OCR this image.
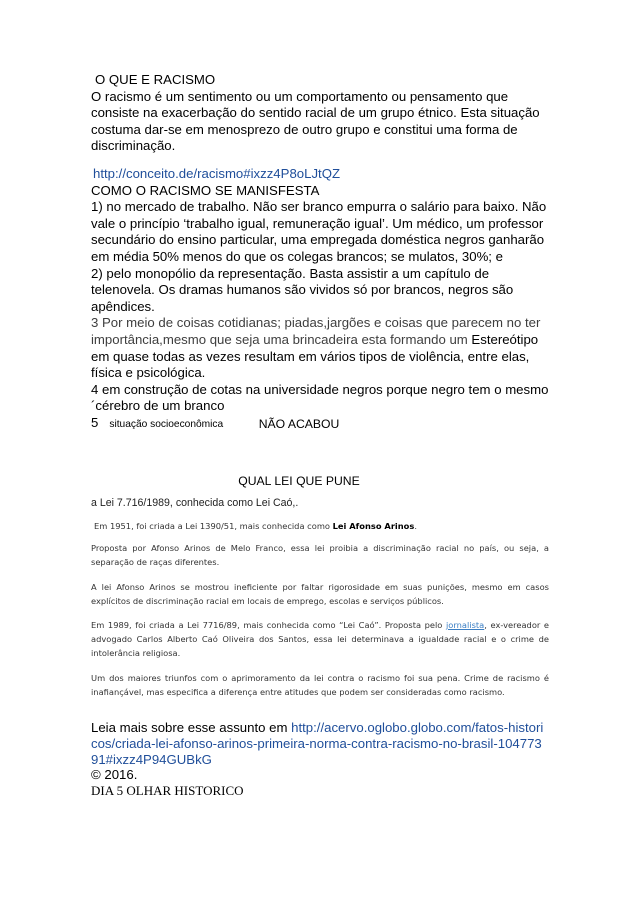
O QUE E RACISMO

O racismo é um sentimento ou um comportamento ou pensamento que consiste na exacerbação do sentido racial de um grupo étnico. Esta situação costuma dar-se em menosprezo de outro grupo e constitui uma forma de discriminação.

http://conceito.de/racismo#ixzz4P8oLJtQZ

COMO O RACISMO SE MANISFESTA

1) no mercado de trabalho. Não ser branco empurra o salário para baixo. Não vale o princípio ‘trabalho igual, remuneração igual’. Um médico, um professor secundário do ensino particular, uma empregada doméstica negros ganharão em média 50% menos do que os colegas brancos; se mulatos, 30%; e

2) pelo monopólio da representação. Basta assistir a um capítulo de telenovela. Os dramas humanos são vividos só por brancos, negros são apêndices.

3 Por meio de coisas cotidianas; piadas,jargões e coisas que parecem no ter importância,mesmo que seja uma brincadeira esta formando um Estereótipo em quase todas as vezes resultam em vários tipos de violência, entre elas, física e psicológica.

4 em construção de cotas na universidade negros porque negro tem o mesmo ´cérebro de um branco

5 situação socioeconômica	NÃO ACABOU
QUAL LEI QUE PUNE
a Lei 7.716/1989, conhecida como Lei Caó,.

Em 1951, foi criada a Lei 1390/51, mais conhecida como Lei Afonso Arinos.

Proposta por Afonso Arinos de Melo Franco, essa lei proibia a discriminação racial no país, ou seja, a separação de raças diferentes.

A lei Afonso Arinos se mostrou ineficiente por faltar rigorosidade em suas punições, mesmo em casos explícitos de discriminação racial em locais de emprego, escolas e serviços públicos.

Em 1989, foi criada a Lei 7716/89, mais conhecida como “Lei Caó”. Proposta pelo jornalista, ex-vereador e advogado Carlos Alberto Caó Oliveira dos Santos, essa lei determinava a igualdade racial e o crime de intolerância religiosa.

Um dos maiores triunfos com o aprimoramento da lei contra o racismo foi sua pena. Crime de racismo é inafiançável, mas especifica a diferença entre atitudes que podem ser consideradas como racismo.

Leia mais sobre esse assunto em http://acervo.oglobo.globo.com/fatos-historicos/criada-lei-afonso-arinos-primeira-norma-contra-racismo-no-brasil-10477391#ixzz4P94GUBkG

© 2016.

DIA 5 OLHAR HISTORICO
